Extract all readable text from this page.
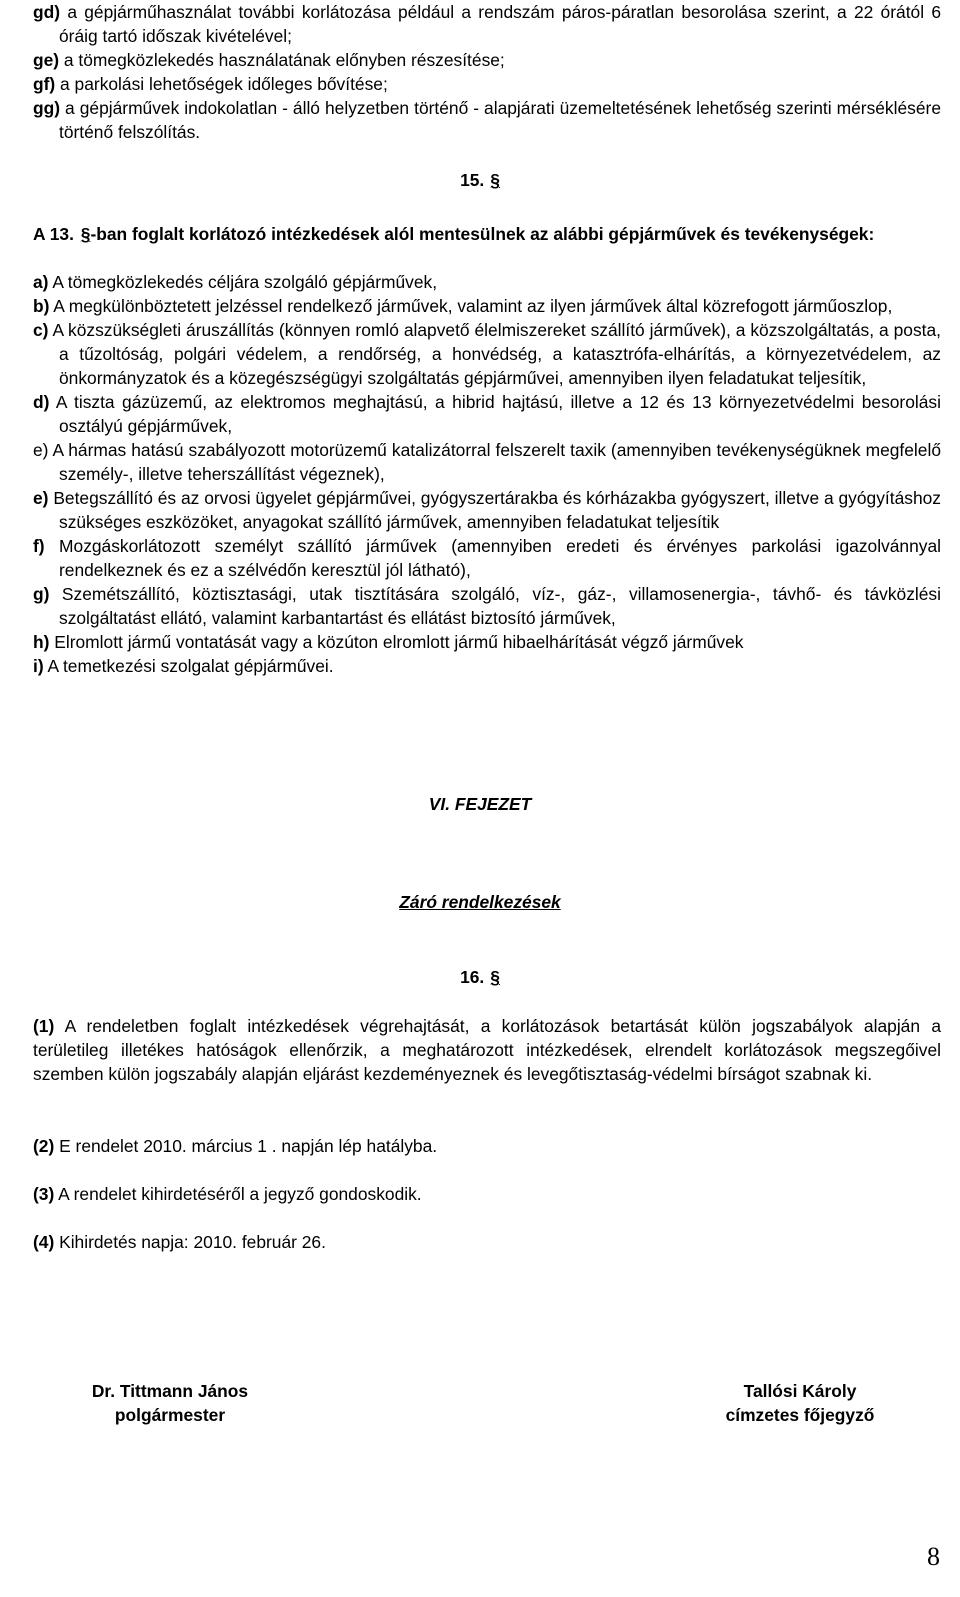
gd) a gépjárműhasználat további korlátozása például a rendszám páros-páratlan besorolása szerint, a 22 órától 6 óráig tartó időszak kivételével;

ge) a tömegközlekedés használatának előnyben részesítése;

gf) a parkolási lehetőségek időleges bővítése;

gg) a gépjárművek indokolatlan - álló helyzetben történő - alapjárati üzemeltetésének lehetőség szerinti mérséklésére történő felszólítás.

15. §

A 13. §-ban foglalt korlátozó intézkedések alól mentesülnek az alábbi gépjárművek és tevékenységek:

a) A tömegközlekedés céljára szolgáló gépjárművek,

b) A megkülönböztetett jelzéssel rendelkező járművek, valamint az ilyen járművek által közrefogott járműoszlop,

c) A közszükségleti áruszállítás (könnyen romló alapvető élelmiszereket szállító járművek), a közszolgáltatás, a posta, a tűzoltóság, polgári védelem, a rendőrség, a honvédség, a katasztrófa-elhárítás, a környezetvédelem, az önkormányzatok és a közegészségügyi szolgáltatás gépjárművei, amennyiben ilyen feladatukat teljesítik,

d) A tiszta gázüzemű, az elektromos meghajtású, a hibrid hajtású, illetve a 12 és 13 környezetvédelmi besorolási osztályú gépjárművek,

e) A hármas hatású szabályozott motorüzemű katalizátorral felszerelt taxik (amennyiben tevékenységüknek megfelelő személy-, illetve teherszállítást végeznek),

e) Betegszállító és az orvosi ügyelet gépjárművei, gyógyszertárakba és kórházakba gyógyszert, illetve a gyógyításhoz szükséges eszközöket, anyagokat szállító járművek, amennyiben feladatukat teljesítik

f) Mozgáskorlátozott személyt szállító járművek (amennyiben eredeti és érvényes parkolási igazolvánnyal rendelkeznek és ez a szélvédőn keresztül jól látható),

g) Szemétszállító, köztisztasági, utak tisztítására szolgáló, víz-, gáz-, villamosenergia-, távhő- és távközlési szolgáltatást ellátó, valamint karbantartást és ellátást biztosító járművek,

h) Elromlott jármű vontatását vagy a közúton elromlott jármű hibaelhárítását végző járművek

i) A temetkezési szolgalat gépjárművei.

VI. FEJEZET
Záró rendelkezések
16. §

(1) A rendeletben foglalt intézkedések végrehajtását, a korlátozások betartását külön jogszabályok alapján a területileg illetékes hatóságok ellenőrzik, a meghatározott intézkedések, elrendelt korlátozások megszegőivel szemben külön jogszabály alapján eljárást kezdeményeznek és levegőtisztaság-védelmi bírságot szabnak ki.

(2) E rendelet 2010. március 1 . napján lép hatályba.

(3) A rendelet kihirdetéséről a jegyző gondoskodik.

(4) Kihirdetés napja: 2010. február 26.

Dr. Tittmann János
polgármester
Tallósi Károly
címzetes főjegyző
8
